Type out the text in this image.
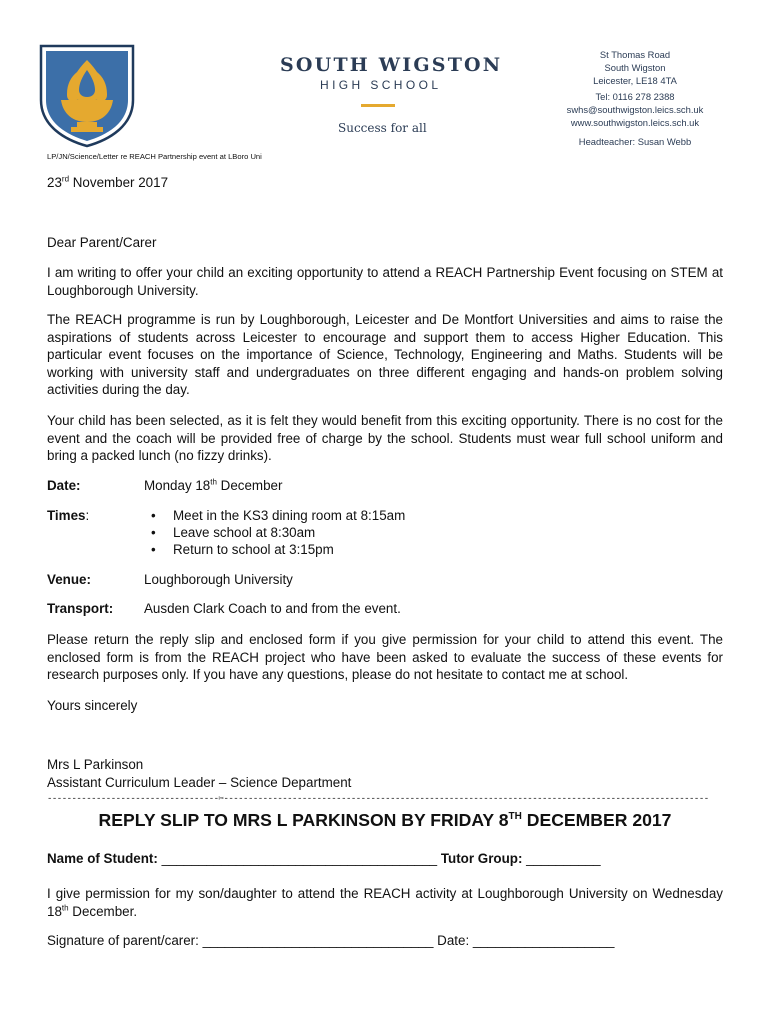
SOUTH WIGSTON
HIGH SCHOOL
Success for all
St Thomas Road
South Wigston
Leicester, LE18 4TA
Tel: 0116 278 2388
swhs@southwigston.leics.sch.uk
www.southwigston.leics.sch.uk
Headteacher: Susan Webb
LP/JN/Science/Letter re REACH Partnership event at LBoro Uni
23rd November 2017
Dear Parent/Carer
I am writing to offer your child an exciting opportunity to attend a REACH Partnership Event focusing on STEM at Loughborough University.
The REACH programme is run by Loughborough, Leicester and De Montfort Universities and aims to raise the aspirations of students across Leicester to encourage and support them to access Higher Education. This particular event focuses on the importance of Science, Technology, Engineering and Maths. Students will be working with university staff and undergraduates on three different engaging and hands-on problem solving activities during the day.
Your child has been selected, as it is felt they would benefit from this exciting opportunity. There is no cost for the event and the coach will be provided free of charge by the school. Students must wear full school uniform and bring a packed lunch (no fizzy drinks).
Date:	Monday 18th December
Times:	• Meet in the KS3 dining room at 8:15am
• Leave school at 8:30am
• Return to school at 3:15pm
Venue:	Loughborough University
Transport: Ausden Clark Coach to and from the event.
Please return the reply slip and enclosed form if you give permission for your child to attend this event. The enclosed form is from the REACH project who have been asked to evaluate the success of these events for research purposes only. If you have any questions, please do not hesitate to contact me at school.
Yours sincerely
Mrs L Parkinson
Assistant Curriculum Leader – Science Department
-----------------------------------✂---------------------------------------------------------------------------------------------------
REPLY SLIP TO MRS L PARKINSON BY FRIDAY 8TH DECEMBER 2017
Name of Student: _____________________________________ Tutor Group: __________
I give permission for my son/daughter to attend the REACH activity at Loughborough University on Wednesday 18th December.
Signature of parent/carer: _______________________________ Date: ___________________
